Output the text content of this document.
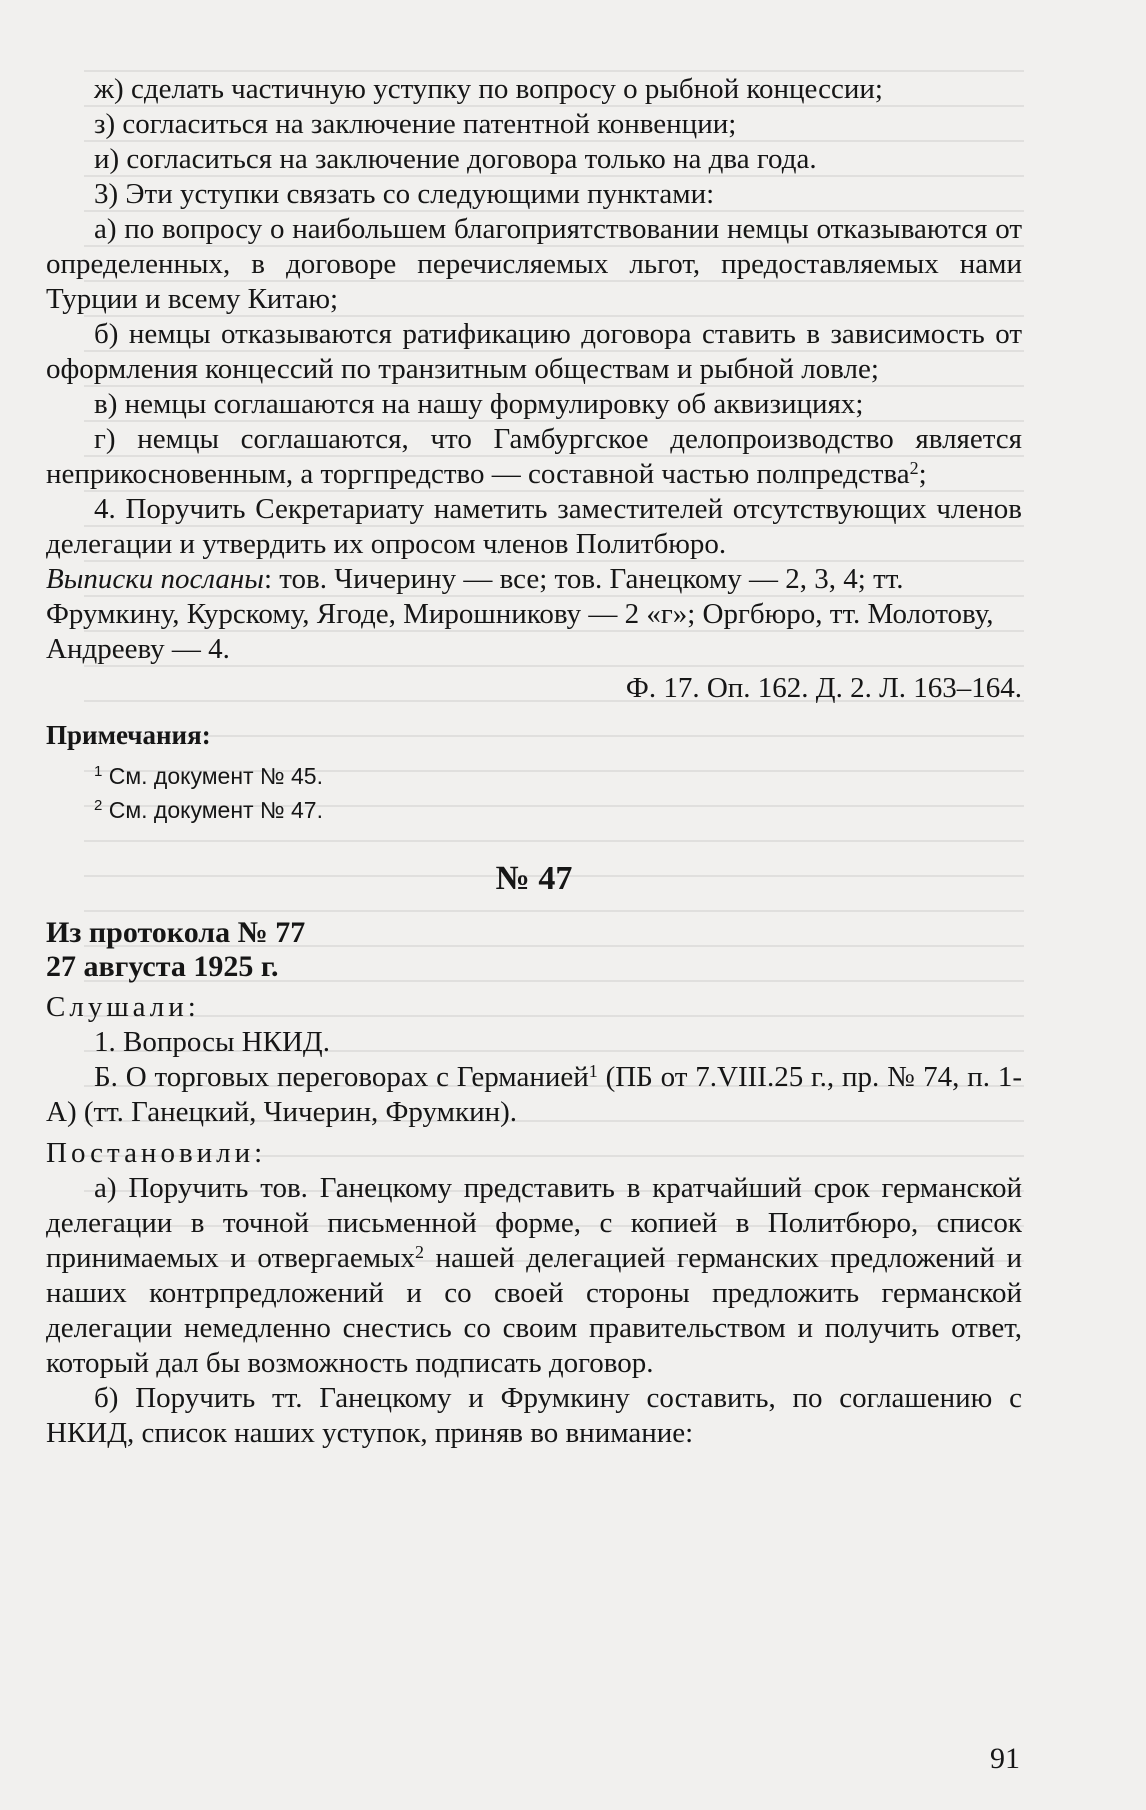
ж) сделать частичную уступку по вопросу о рыбной концессии;

з) согласиться на заключение патентной конвенции;

и) согласиться на заключение договора только на два года.

3) Эти уступки связать со следующими пунктами:

а) по вопросу о наибольшем благоприятствовании немцы отказываются от определенных, в договоре перечисляемых льгот, предоставляемых нами Турции и всему Китаю;

б) немцы отказываются ратификацию договора ставить в зависимость от оформления концессий по транзитным обществам и рыбной ловле;

в) немцы соглашаются на нашу формулировку об аквизициях;

г) немцы соглашаются, что Гамбургское делопроизводство является неприкосновенным, а торгпредство — составной частью полпредства$^2$;

4. Поручить Секретариату наметить заместителей отсутствующих членов делегации и утвердить их опросом членов Политбюро.

Выписки посланы: тов. Чичерину — все; тов. Ганецкому — 2, 3, 4; тт. Фрумкину, Курскому, Ягоде, Мирошникову — 2 «г»; Оргбюро, тт. Молотову, Андрееву — 4.

Ф. 17. Оп. 162. Д. 2. Л. 163–164.

Примечания:

$^1$ См. документ № 45.

$^2$ См. документ № 47.

№ 47

Из протокола № 77

27 августа 1925 г.

Слушали:

1. Вопросы НКИД.

Б. О торговых переговорах с Германией$^1$ (ПБ от 7.VIII.25 г., пр. № 74, п. 1-А) (тт. Ганецкий, Чичерин, Фрумкин).

Постановили:

а) Поручить тов. Ганецкому представить в кратчайший срок германской делегации в точной письменной форме, с копией в Политбюро, список принимаемых и отвергаемых$^2$ нашей делегацией германских предложений и наших контрпредложений и со своей стороны предложить германской делегации немедленно снестись со своим правительством и получить ответ, который дал бы возможность подписать договор.

б) Поручить тт. Ганецкому и Фрумкину составить, по соглашению с НКИД, список наших уступок, приняв во внимание:

91
